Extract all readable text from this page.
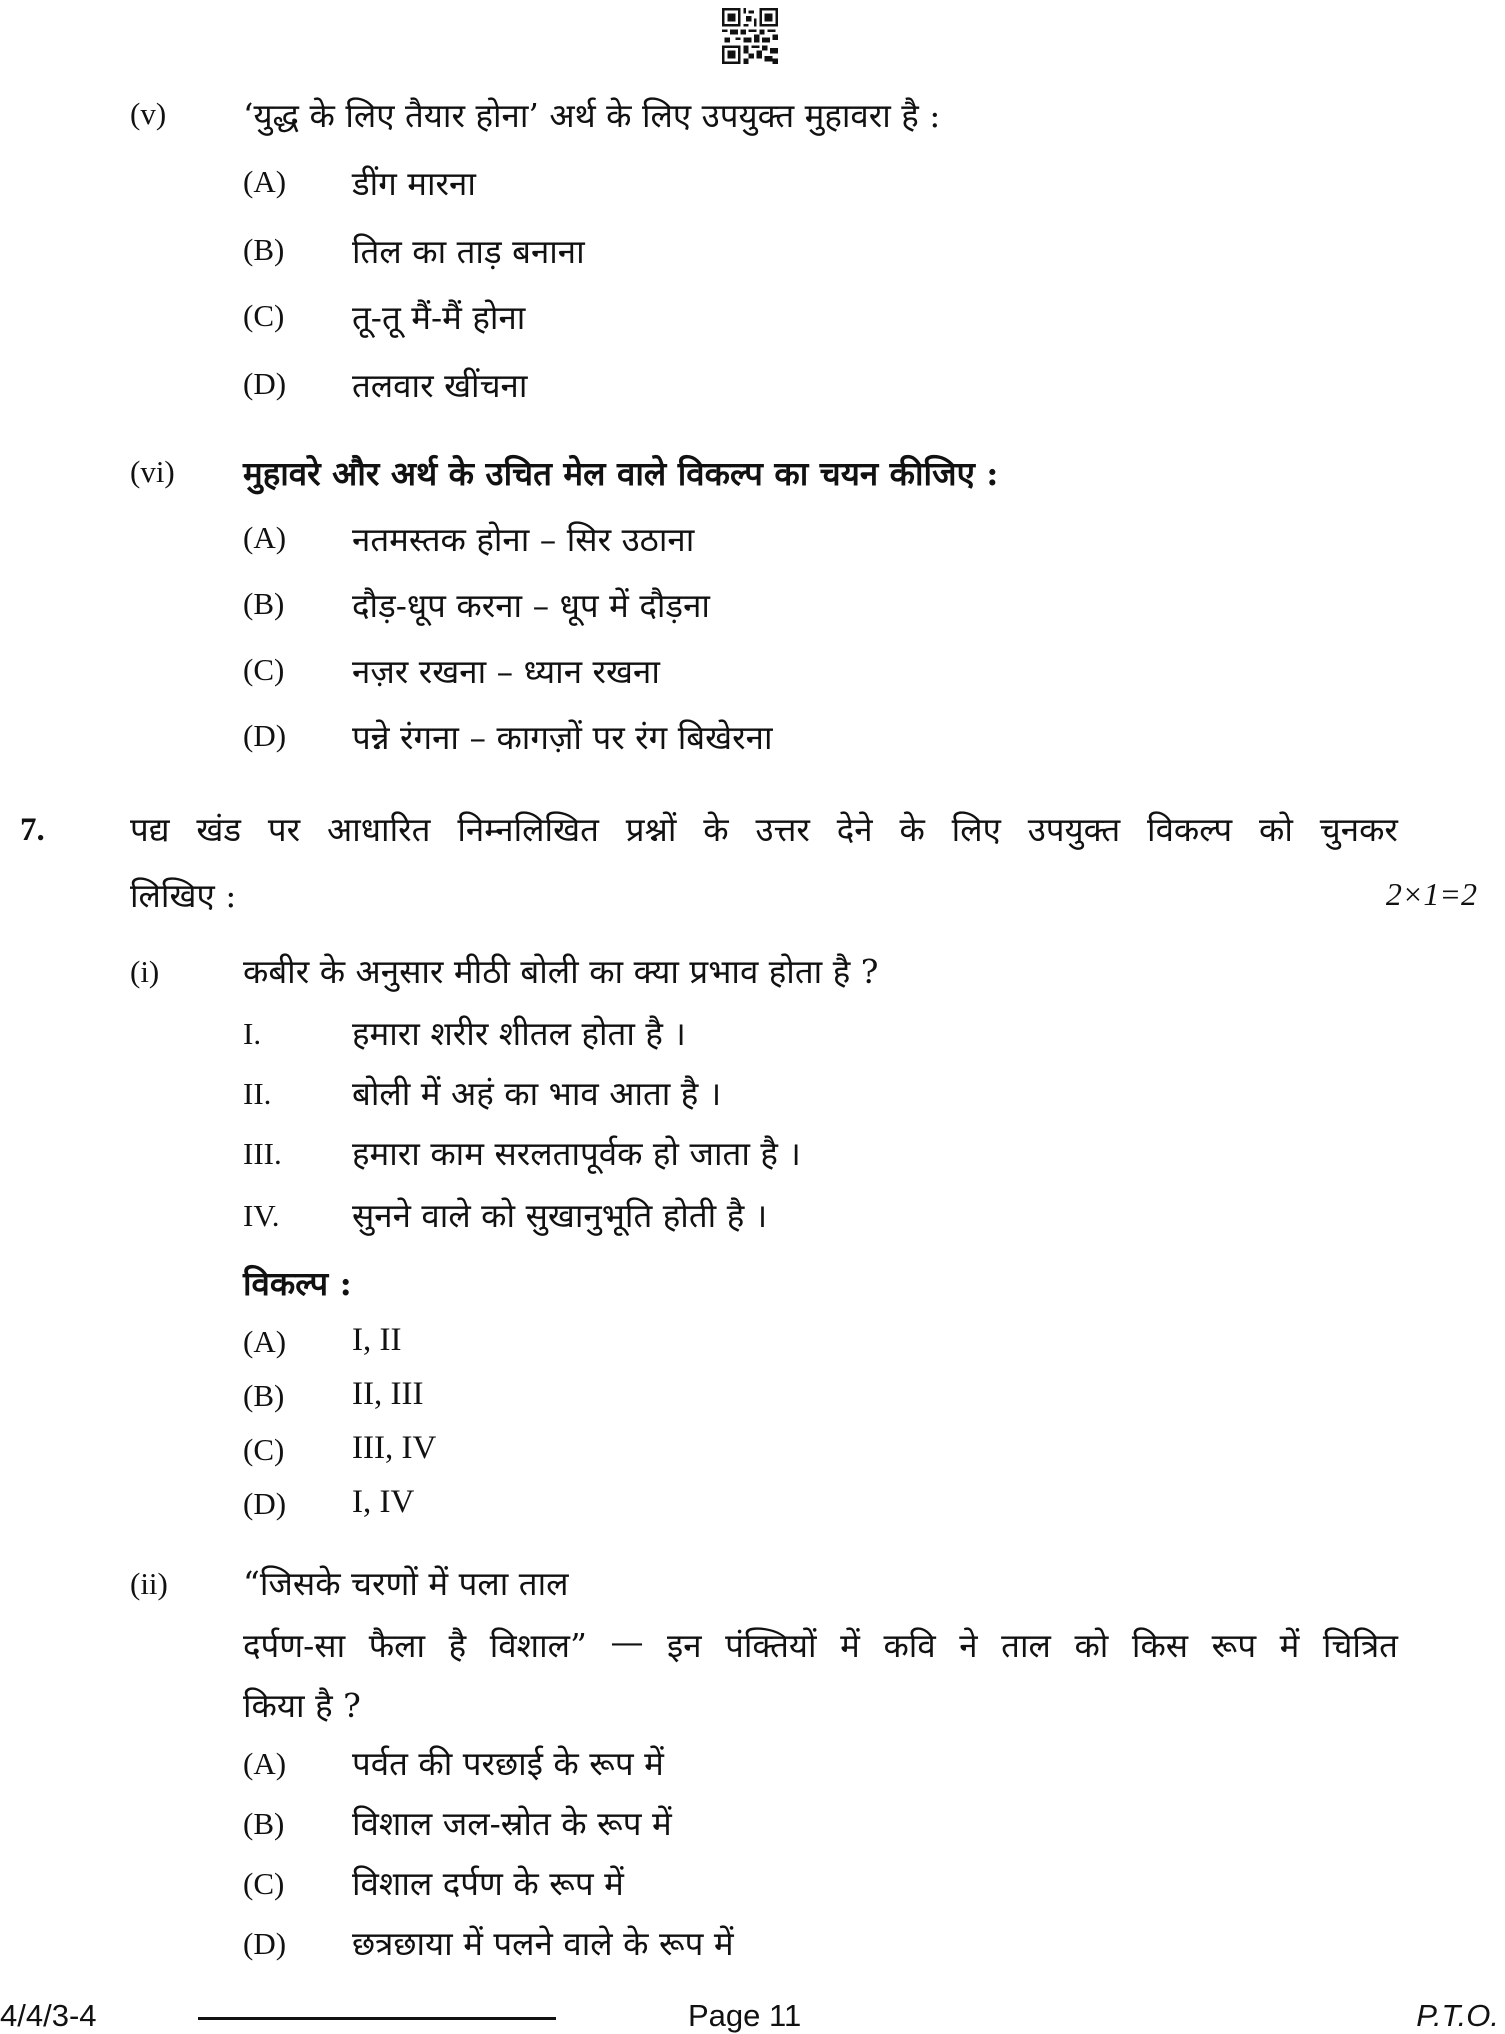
(v) ‘युद्ध के लिए तैयार होना’ अर्थ के लिए उपयुक्त मुहावरा है :
(A) डींग मारना
(B) तिल का ताड़ बनाना
(C) तू-तू मैं-मैं होना
(D) तलवार खींचना
(vi) मुहावरे और अर्थ के उचित मेल वाले विकल्प का चयन कीजिए :
(A) नतमस्तक होना – सिर उठाना
(B) दौड़-धूप करना – धूप में दौड़ना
(C) नज़र रखना – ध्यान रखना
(D) पन्ने रंगना – कागज़ों पर रंग बिखेरना
7.	पद्य खंड पर आधारित निम्नलिखित प्रश्नों के उत्तर देने के लिए उपयुक्त विकल्प को चुनकर
लिखिए :	2×1=2
(i)	कबीर के अनुसार मीठी बोली का क्या प्रभाव होता है ?
I.	हमारा शरीर शीतल होता है ।
II. बोली में अहं का भाव आता है ।
III. हमारा काम सरलतापूर्वक हो जाता है ।
IV. सुनने वाले को सुखानुभूति होती है ।
विकल्प :
(A) I, II
(B) II, III
(C) III, IV
(D) I, IV
(ii) “जिसके चरणों में पला ताल
दर्पण-सा फैला है विशाल” — इन पंक्तियों में कवि ने ताल को किस रूप में चित्रित
किया है ?
(A) पर्वत की परछाई के रूप में
(B) विशाल जल-स्रोत के रूप में
(C) विशाल दर्पण के रूप में
(D) छत्रछाया में पलने वाले के रूप में
4/4/3-4	Page 11	P.T.O.
